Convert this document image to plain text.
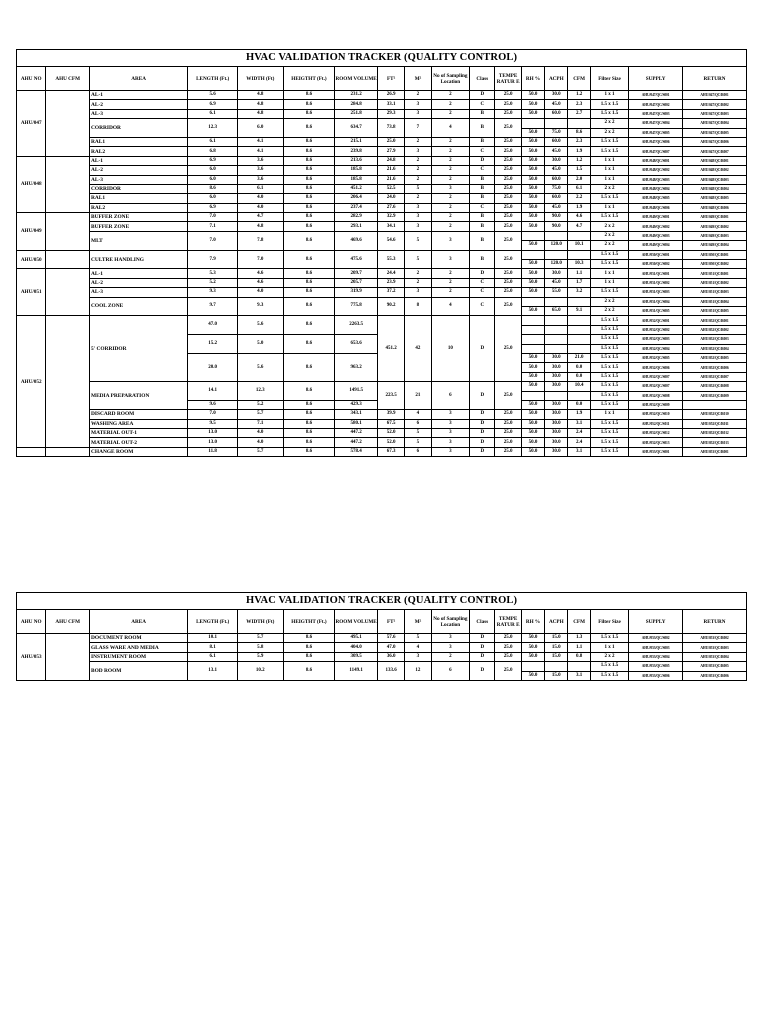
HVAC VALIDATION TRACKER (QUALITY CONTROL)
AHU NO	AHU CFM	AREA	LENGTH (Ft.)	WIDTH (Ft)	HEIGTHT (Ft.)	ROOM VOLUME	FT²	M²	No of Sampling Location	Class	TEMPE RATUR E	RH %	ACPH	CFM	Filter Size	SUPPLY	RETURN
AHU/047		AL-1	5.6	4.8	8.6	231.2	26.9	2	2	D	25.0	50.0	30.0	1.2	1 x 1	AHU/047/QC/S001	AHU/047/QC/R001
		AL-2	6.9	4.8	8.6	284.8	33.1	3	2	C	25.0	50.0	45.0	2.3	1.5 x 1.5	AHU/047/QC/S002	AHU/047/QC/R002
		AL-3	6.1	4.8	8.6	251.8	29.3	3	2	B	25.0	50.0	60.0	2.7	1.5 x 1.5	AHU/047/QC/S003	AHU/047/QC/R003
		CORRIDOR	12.3	6.0	8.6	634.7	73.8	7	4	B	25.0				2 x 2	AHU/047/QC/S004	AHU/047/QC/R004
												50.0	75.0	8.6	2 x 2	AHU/047/QC/S005	AHU/047/QC/R005
		RAL1	6.1	4.1	8.6	215.1	25.0	2	2	B	25.0	50.0	60.0	2.3	1.5 x 1.5	AHU/047/QC/S006	AHU/047/QC/R006
		RAL2	6.8	4.1	8.6	239.8	27.9	3	2	C	25.0	50.0	45.0	1.9	1.5 x 1.5	AHU/047/QC/S007	AHU/047/QC/R007
AHU/048		AL-1	6.9	3.6	8.6	213.6	24.8	2	2	D	25.0	50.0	30.0	1.2	1 x 1	AHU/048/QC/S001	AHU/048/QC/R001
		AL-2	6.0	3.6	8.6	185.8	21.6	2	2	C	25.0	50.0	45.0	1.5	1 x 1	AHU/048/QC/S002	AHU/048/QC/R002
		AL-3	6.0	3.6	8.6	185.8	21.6	2	2	B	25.0	50.0	60.0	2.0	1 x 1	AHU/048/QC/S003	AHU/048/QC/R003
		CORRIDOR	8.6	6.1	8.6	451.2	52.5	5	3	B	25.0	50.0	75.0	6.1	2 x 2	AHU/048/QC/S004	AHU/048/QC/R004
		RAL1	6.0	4.0	8.6	206.4	24.0	2	2	B	25.0	50.0	60.0	2.2	1.5 x 1.5	AHU/048/QC/S005	AHU/048/QC/R005
		RAL2	6.9	4.0	8.6	237.4	27.6	3	2	C	25.0	50.0	45.0	1.9	1 x 1	AHU/048/QC/S006	AHU/048/QC/R006
AHU/049		BUFFER ZONE	7.0	4.7	8.6	282.9	32.9	3	2	B	25.0	50.0	90.0	4.6	1.5 x 1.5	AHU/049/QC/S001	AHU/049/QC/R001
		BUFFER ZONE	7.1	4.8	8.6	293.1	34.1	3	2	B	25.0	50.0	90.0	4.7	2 x 2	AHU/049/QC/S002	AHU/049/QC/R002
		MLT	7.0	7.8	8.6	469.6	54.6	5	3	B	25.0				2 x 2	AHU/049/QC/S003	AHU/049/QC/R003
												50.0	120.0	10.1	2 x 2	AHU/049/QC/S004	AHU/049/QC/R004
AHU/050		CULTRE HANDLING	7.9	7.0	8.6	475.6	55.3	5	3	B	25.0				1.5 x 1.5	AHU/050/QC/S001	AHU/050/QC/R001
												50.0	120.0	10.3	1.5 x 1.5	AHU/050/QC/S002	AHU/050/QC/R002
AHU/051		AL-1	5.3	4.6	8.6	209.7	24.4	2	2	D	25.0	50.0	30.0	1.1	1 x 1	AHU/051/QC/S001	AHU/051/QC/R001
		AL-2	5.2	4.6	8.6	205.7	23.9	2	2	C	25.0	50.0	45.0	1.7	1 x 1	AHU/051/QC/S002	AHU/051/QC/R002
		AL-3	9.3	4.0	8.6	319.9	37.2	3	2	C	25.0	50.0	55.0	3.2	1.5 x 1.5	AHU/051/QC/S003	AHU/051/QC/R003
		COOL ZONE	9.7	9.3	8.6	775.8	90.2	8	4	C	25.0				2 x 2	AHU/051/QC/S004	AHU/051/QC/R004
												50.0	65.0	9.1	2 x 2	AHU/051/QC/S005	AHU/051/QC/R005
AHU/052		5' CORRIDOR	47.0	5.6	8.6	2263.5	451.2	42	10	D	25.0				1.5 x 1.5	AHU/052/QC/S001	AHU/052/QC/R001
															1.5 x 1.5	AHU/052/QC/S002	AHU/052/QC/R002
			15.2	5.0	8.6	653.6									1.5 x 1.5	AHU/052/QC/S003	AHU/052/QC/R003
															1.5 x 1.5	AHU/052/QC/S004	AHU/052/QC/R004
			20.0	5.6	8.6	963.2						50.0	30.0	21.0	1.5 x 1.5	AHU/052/QC/S005	AHU/052/QC/R005
												50.0	30.0	0.0	1.5 x 1.5	AHU/052/QC/S006	AHU/052/QC/R006
												50.0	30.0	0.0	1.5 x 1.5	AHU/052/QC/S007	AHU/052/QC/R007
		MEDIA PREPARATION	14.1	12.3	8.6	1491.5	223.5	21	6	D	25.0	50.0	30.0	10.4	1.5 x 1.5	AHU/052/QC/S007	AHU/052/QC/R008
															1.5 x 1.5	AHU/052/QC/S008	AHU/052/QC/R009
			9.6	5.2	8.6	429.3						50.0	30.0	0.0	1.5 x 1.5	AHU/052/QC/S009	
		DISCARD ROOM	7.0	5.7	8.6	343.1	39.9	4	3	D	25.0	50.0	30.0	1.9	1 x 1	AHU/052/QC/S010	AHU/052/QC/R010
		WASHING AREA	9.5	7.1	8.6	580.1	67.5	6	3	D	25.0	50.0	30.0	3.1	1.5 x 1.5	AHU/052/QC/S011	AHU/052/QC/R011
		MATERIAL OUT-1	13.0	4.0	8.6	447.2	52.0	5	3	D	25.0	50.0	30.0	2.4	1.5 x 1.5	AHU/052/QC/S012	AHU/052/QC/R012
		MATERIAL OUT-2	13.0	4.0	8.6	447.2	52.0	5	3	D	25.0	50.0	30.0	2.4	1.5 x 1.5	AHU/052/QC/S013	AHU/052/QC/R013
		CHANGE ROOM	11.8	5.7	8.6	578.4	67.3	6	3	D	25.0	50.0	30.0	3.1	1.5 x 1.5	AHU/053/QC/S001	AHU/053/QC/R001
HVAC VALIDATION TRACKER (QUALITY CONTROL)
AHU NO	AHU CFM	AREA	LENGTH (Ft.)	WIDTH (Ft)	HEIGTHT (Ft.)	ROOM VOLUME	FT²	M²	No of Sampling Location	Class	TEMPE RATUR E	RH %	ACPH	CFM	Filter Size	SUPPLY	RETURN
AHU/053		DOCUMENT ROOM	10.1	5.7	8.6	495.1	57.6	5	3	D	25.0	50.0	15.0	1.3	1.5 x 1.5	AHU/053/QC/S002	AHU/053/QC/R002
		GLASS WARE AND MEDIA	8.1	5.8	8.6	404.0	47.0	4	3	D	25.0	50.0	15.0	1.1	1 x 1	AHU/053/QC/S003	AHU/053/QC/R003
		INSTRUMENT ROOM	6.1	5.9	8.6	309.5	36.0	3	2	D	25.0	50.0	15.0	0.8	2 x 2	AHU/053/QC/S004	AHU/053/QC/R004
		BOD ROOM	13.1	10.2	8.6	1149.1	133.6	12	6	D	25.0				1.5 x 1.5	AHU/053/QC/S005	AHU/053/QC/R005
												50.0	15.0	3.1	1.5 x 1.5	AHU/053/QC/S006	AHU/053/QC/R006
